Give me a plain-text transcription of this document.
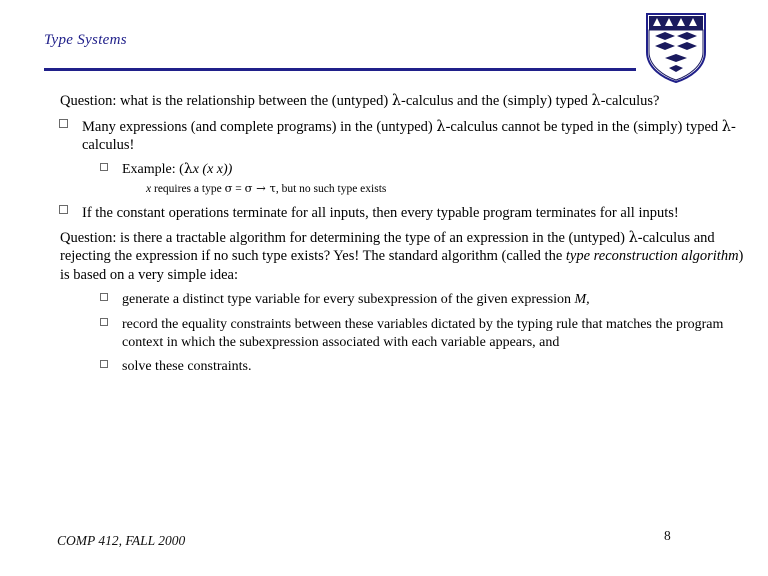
Type Systems
Question: what is the relationship between the (untyped) λ-calculus and the (simply) typed λ-calculus?
Many expressions (and complete programs) in the (untyped) λ-calculus cannot be typed in the (simply) typed λ-calculus!
Example: (λx (x x))
x requires a type σ = σ → τ, but no such type exists
If the constant operations terminate for all inputs, then every typable program terminates for all inputs!
Question: is there a tractable algorithm for determining the type of an expression in the (untyped) λ-calculus and rejecting the expression if no such type exists? Yes! The standard algorithm (called the type reconstruction algorithm) is based on a very simple idea:
generate a distinct type variable for every subexpression of the given expression M,
record the equality constraints between these variables dictated by the typing rule that matches the program context in which the subexpression associated with each variable appears, and
solve these constraints.
COMP 412, FALL 2000	8
